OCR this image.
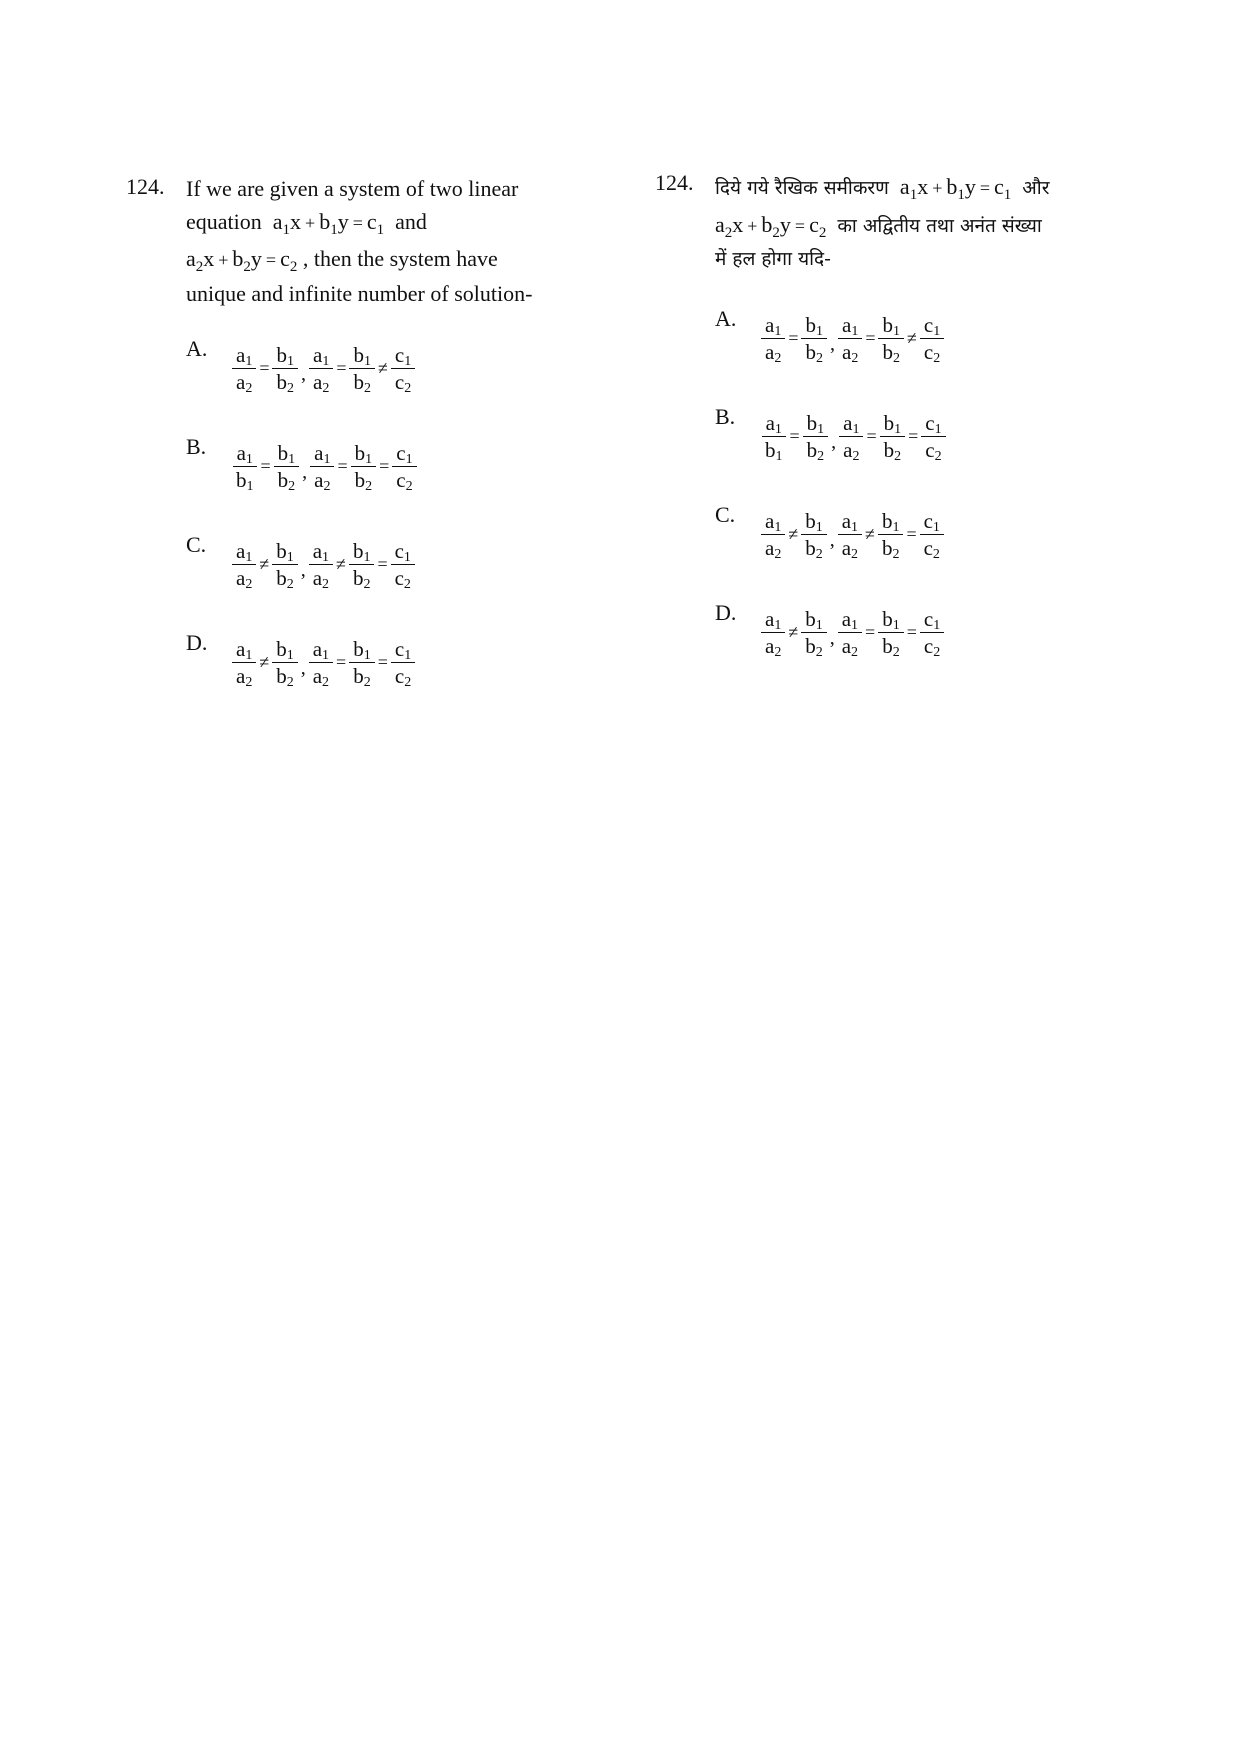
124. If we are given a system of two linear
equation $a_1x + b_1y = c_1$ and
$a_2x + b_2y = c_2$ , then the system have
unique and infinite number of solution-
A. $\frac{a_1}{a_2} = \frac{b_1}{b_2}$ , $\frac{a_1}{a_2} = \frac{b_1}{b_2} \ne \frac{c_1}{c_2}$
B. $\frac{a_1}{b_1} = \frac{b_1}{b_2}$ , $\frac{a_1}{a_2} = \frac{b_1}{b_2} = \frac{c_1}{c_2}$
C. $\frac{a_1}{a_2} \ne \frac{b_1}{b_2}$ , $\frac{a_1}{a_2} \ne \frac{b_1}{b_2} = \frac{c_1}{c_2}$
D. $\frac{a_1}{a_2} \ne \frac{b_1}{b_2}$ , $\frac{a_1}{a_2} = \frac{b_1}{b_2} = \frac{c_1}{c_2}$
124. दिये गये रैखिक समीकरण $a_1x + b_1y = c_1$ और
$a_2x + b_2y = c_2$ का अद्वितीय तथा अनंत संख्या
में हल होगा यदि-
A. $\frac{a_1}{a_2} = \frac{b_1}{b_2}$ , $\frac{a_1}{a_2} = \frac{b_1}{b_2} \ne \frac{c_1}{c_2}$
B. $\frac{a_1}{b_1} = \frac{b_1}{b_2}$ , $\frac{a_1}{a_2} = \frac{b_1}{b_2} = \frac{c_1}{c_2}$
C. $\frac{a_1}{a_2} \ne \frac{b_1}{b_2}$ , $\frac{a_1}{a_2} \ne \frac{b_1}{b_2} = \frac{c_1}{c_2}$
D. $\frac{a_1}{a_2} \ne \frac{b_1}{b_2}$ , $\frac{a_1}{a_2} = \frac{b_1}{b_2} = \frac{c_1}{c_2}$
